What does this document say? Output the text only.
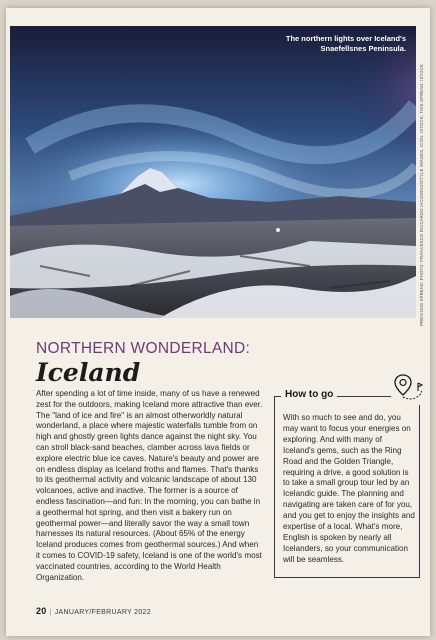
The northern lights over Iceland's Snaefellsnes Peninsula.
PREVIOUS SPREAD: PHOTO: FRANCESCO RICCARDO IACOMINO/STYLE IMAGES, ICON: ISTOCK; THIS SPREAD: ISTOCK
NORTHERN WONDERLAND:
Iceland

After spending a lot of time inside, many of us have a renewed zest for the outdoors, making Iceland more attractive than ever. The "land of ice and fire" is an almost otherworldly natural wonderland, a place where majestic waterfalls tumble from on high and ghostly green lights dance against the night sky. You can stroll black-sand beaches, clamber across lava fields or explore electric blue ice caves. Nature's beauty and power are on endless display as Iceland froths and flames. That's thanks to its geothermal activity and volcanic landscape of about 130 volcanoes, active and inactive. The former is a source of endless fascination—and fun: In the morning, you can bathe in a geothermal hot spring, and then visit a bakery run on geothermal power—and literally savor the way a small town harnesses its natural resources. (About 65% of the energy Iceland produces comes from geothermal sources.) And when it comes to COVID-19 safety, Iceland is one of the world's most vaccinated countries, according to the World Health Organization.

How to go

With so much to see and do, you may want to focus your energies on exploring. And with many of Iceland's gems, such as the Ring Road and the Golden Triangle, requiring a drive, a good solution is to take a small group tour led by an Icelandic guide. The planning and navigating are taken care of for you, and you get to enjoy the insights and expertise of a local. What's more, English is spoken by nearly all Icelanders, so your communication will be seamless.

20 | JANUARY/FEBRUARY 2022
